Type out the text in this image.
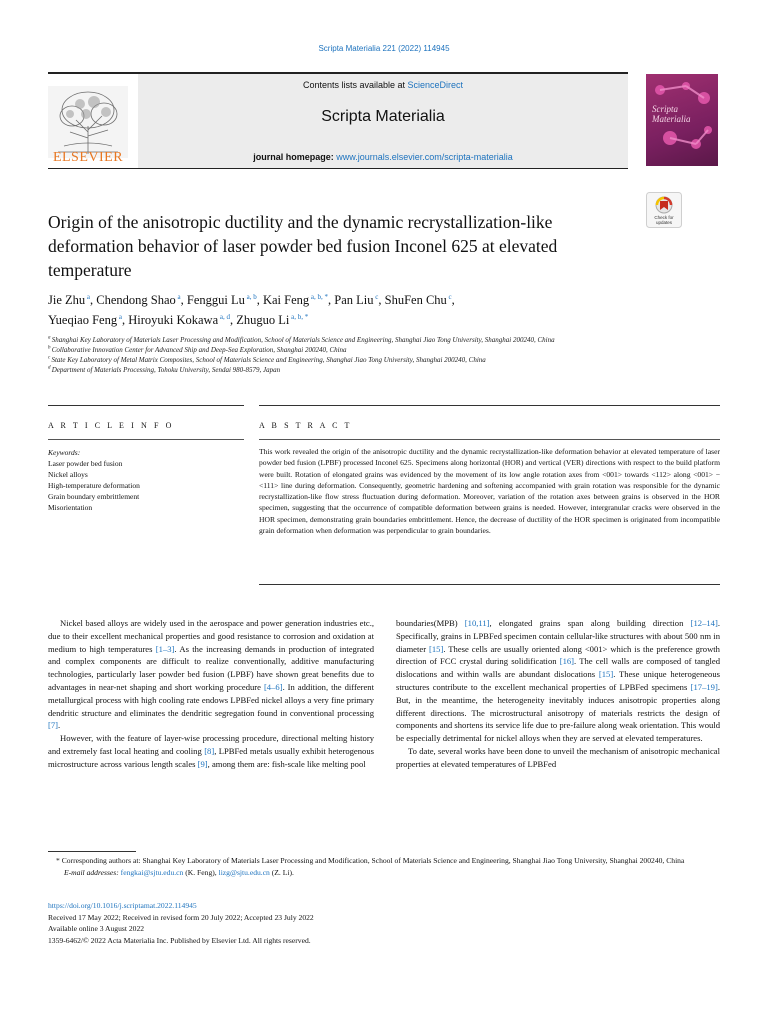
Scripta Materialia 221 (2022) 114945
ELSEVIER
Contents lists available at ScienceDirect
Scripta Materialia
journal homepage: www.journals.elsevier.com/scripta-materialia
Scripta Materialia
Check for
updates
Origin of the anisotropic ductility and the dynamic recrystallization-like deformation behavior of laser powder bed fusion Inconel 625 at elevated temperature
Jie Zhu $^a$, Chendong Shao $^a$, Fenggui Lu $^{a, b}$, Kai Feng $^{a, b, *}$, Pan Liu $^c$, ShuFen Chu $^c$,
Yueqiao Feng $^a$, Hiroyuki Kokawa $^{a, d}$, Zhuguo Li $^{a, b, *}$
$^a$ Shanghai Key Laboratory of Materials Laser Processing and Modification, School of Materials Science and Engineering, Shanghai Jiao Tong University, Shanghai 200240, China
$^b$ Collaborative Innovation Center for Advanced Ship and Deep-Sea Exploration, Shanghai 200240, China
$^c$ State Key Laboratory of Metal Matrix Composites, School of Materials Science and Engineering, Shanghai Jiao Tong University, Shanghai 200240, China
$^d$ Department of Materials Processing, Tohoku University, Sendai 980-8579, Japan
A R T I C L E I N F O	A B S T R A C T
Keywords:
Laser powder bed fusion
Nickel alloys
High-temperature deformation
Grain boundary embrittlement
Misorientation
This work revealed the origin of the anisotropic ductility and the dynamic recrystallization-like deformation behavior at elevated temperature of laser powder bed fusion (LPBF) processed Inconel 625. Specimens along horizontal (HOR) and vertical (VER) directions with respect to the build platform were built. Rotation of elongated grains was evidenced by the movement of its low angle rotation axes from <001> towards <112> along <001> − <111> line during deformation. Consequently, geometric hardening and softening accompanied with grain rotation was responsible for the dynamic recrystallization-like flow stress fluctuation during deformation. Moreover, variation of the rotation axes between grains is observed in the HOR specimen, suggesting that the occurrence of compatible deformation between grains is needed. However, intergranular cracks were observed in the HOR specimen, demonstrating grain boundaries embrittlement. Hence, the decrease of ductility of the HOR specimen is originated from incompatible grain deformation when deformation was perpendicular to grain boundaries.

Nickel based alloys are widely used in the aerospace and power generation industries etc., due to their excellent mechanical properties and good resistance to corrosion and oxidation at medium to high temperatures [1–3]. As the increasing demands in production of integrated and complex components are difficult to realize conventionally, additive manufacturing technologies, particularly laser powder bed fusion (LPBF) have shown great benefits due to advantages in near-net shaping and short working procedure [4–6]. In addition, the different metallurgical process with high cooling rate endows LPBFed nickel alloys a very fine primary dendritic structure and eliminates the dendritic segregation found in conventional processing [7].

However, with the feature of layer-wise processing procedure, directional melting history and extremely fast local heating and cooling [8], LPBFed metals usually exhibit heterogenous microstructure across various length scales [9], among them are: fish-scale like melting pool

boundaries(MPB) [10,11], elongated grains span along building direction [12–14]. Specifically, grains in LPBFed specimen contain cellular-like structures with about 500 nm in diameter [15]. These cells are usually oriented along <001> which is the preference growth direction of FCC crystal during solidification [16]. The cell walls are composed of tangled dislocations and within walls are abundant dislocations [15]. These unique heterogeneous structures contribute to the excellent mechanical properties of LPBFed specimens [17–19]. But, in the meantime, the heterogeneity inevitably induces anisotropic properties along different directions. The microstructural anisotropy of materials restricts the design of components and shortens its service life due to pre-failure along weak orientation. This would be especially detrimental for nickel alloys when they are served at elevated temperatures.

To date, several works have been done to unveil the mechanism of anisotropic mechanical properties at elevated temperatures of LPBFed

* Corresponding authors at: Shanghai Key Laboratory of Materials Laser Processing and Modification, School of Materials Science and Engineering, Shanghai Jiao Tong University, Shanghai 200240, China
E-mail addresses: fengkai@sjtu.edu.cn (K. Feng), lizg@sjtu.edu.cn (Z. Li).
https://doi.org/10.1016/j.scriptamat.2022.114945
Received 17 May 2022; Received in revised form 20 July 2022; Accepted 23 July 2022
Available online 3 August 2022
1359-6462/© 2022 Acta Materialia Inc. Published by Elsevier Ltd. All rights reserved.
